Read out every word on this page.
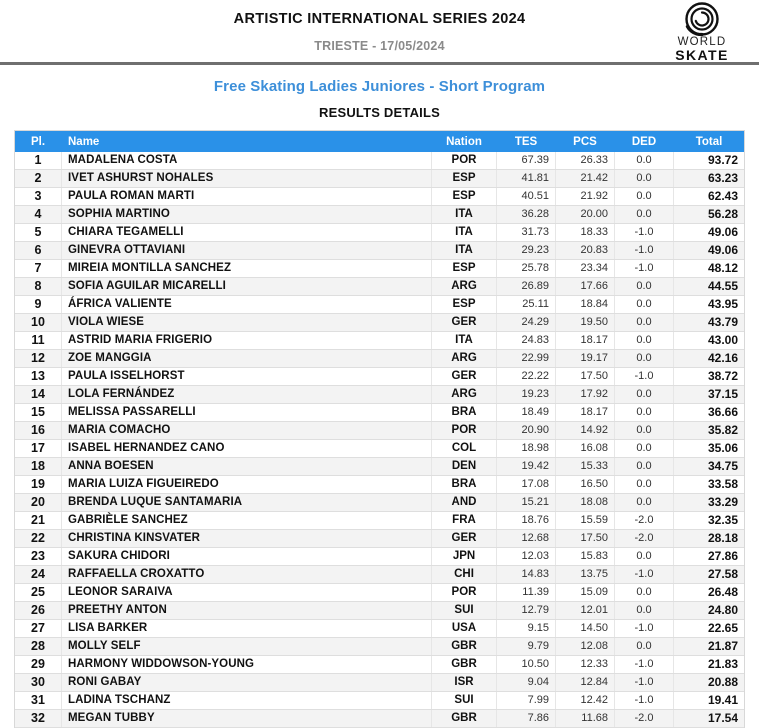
ARTISTIC INTERNATIONAL SERIES 2024
TRIESTE - 17/05/2024	WORLD
SKATE
Free Skating Ladies Juniores - Short Program
RESULTS DETAILS
Pl.	Name	Nation	TES	PCS	DED	Total
1	MADALENA COSTA	POR	67.39	26.33	0.0	93.72
2	IVET ASHURST NOHALES	ESP	41.81	21.42	0.0	63.23
3	PAULA ROMAN MARTI	ESP	40.51	21.92	0.0	62.43
4	SOPHIA MARTINO	ITA	36.28	20.00	0.0	56.28
5	CHIARA TEGAMELLI	ITA	31.73	18.33	-1.0	49.06
6	GINEVRA OTTAVIANI	ITA	29.23	20.83	-1.0	49.06
7	MIREIA MONTILLA SANCHEZ	ESP	25.78	23.34	-1.0	48.12
8	SOFIA AGUILAR MICARELLI	ARG	26.89	17.66	0.0	44.55
9	ÁFRICA VALIENTE	ESP	25.11	18.84	0.0	43.95
10	VIOLA WIESE	GER	24.29	19.50	0.0	43.79
11	ASTRID MARIA FRIGERIO	ITA	24.83	18.17	0.0	43.00
12	ZOE MANGGIA	ARG	22.99	19.17	0.0	42.16
13	PAULA ISSELHORST	GER	22.22	17.50	-1.0	38.72
14	LOLA FERNÁNDEZ	ARG	19.23	17.92	0.0	37.15
15	MELISSA PASSARELLI	BRA	18.49	18.17	0.0	36.66
16	MARIA COMACHO	POR	20.90	14.92	0.0	35.82
17	ISABEL HERNANDEZ CANO	COL	18.98	16.08	0.0	35.06
18	ANNA BOESEN	DEN	19.42	15.33	0.0	34.75
19	MARIA LUIZA FIGUEIREDO	BRA	17.08	16.50	0.0	33.58
20	BRENDA LUQUE SANTAMARIA	AND	15.21	18.08	0.0	33.29
21	GABRIÈLE SANCHEZ	FRA	18.76	15.59	-2.0	32.35
22	CHRISTINA KINSVATER	GER	12.68	17.50	-2.0	28.18
23	SAKURA CHIDORI	JPN	12.03	15.83	0.0	27.86
24	RAFFAELLA CROXATTO	CHI	14.83	13.75	-1.0	27.58
25	LEONOR SARAIVA	POR	11.39	15.09	0.0	26.48
26	PREETHY ANTON	SUI	12.79	12.01	0.0	24.80
27	LISA BARKER	USA	9.15	14.50	-1.0	22.65
28	MOLLY SELF	GBR	9.79	12.08	0.0	21.87
29	HARMONY WIDDOWSON-YOUNG	GBR	10.50	12.33	-1.0	21.83
30	RONI GABAY	ISR	9.04	12.84	-1.0	20.88
31	LADINA TSCHANZ	SUI	7.99	12.42	-1.0	19.41
32	MEGAN TUBBY	GBR	7.86	11.68	-2.0	17.54
